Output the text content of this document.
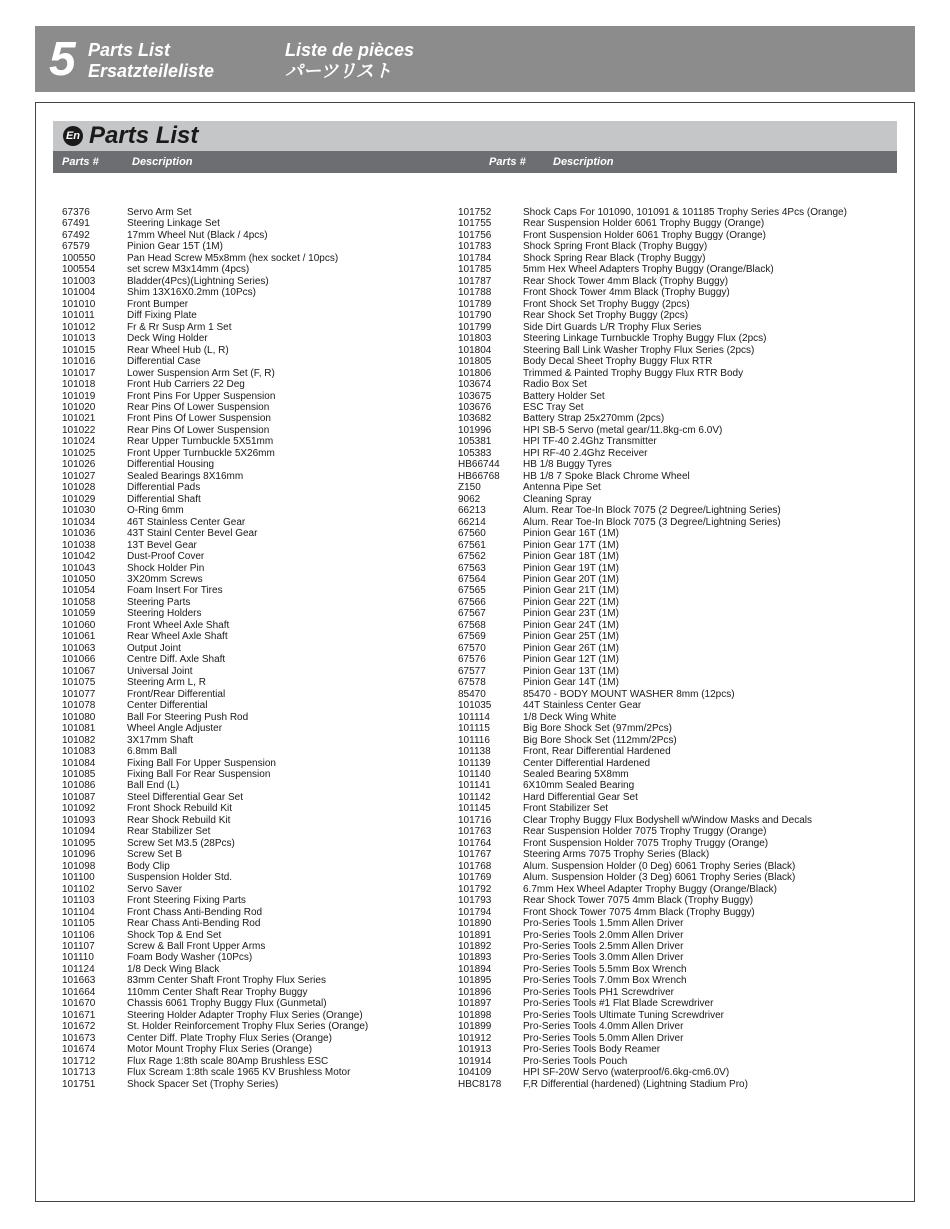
5 Parts List
Ersatzteileliste
Liste de pièces
パーツリスト
En Parts List
Parts #	Description	Parts # Description
67376	Servo Arm Set
67491	Steering Linkage Set
67492	17mm Wheel Nut (Black / 4pcs)
67579	Pinion Gear 15T (1M)
100550	Pan Head Screw M5x8mm (hex socket / 10pcs)
100554	set screw M3x14mm (4pcs)
101003	Bladder(4Pcs)(Lightning Series)
101004	Shim 13X16X0.2mm (10Pcs)
101010	Front Bumper
101011	Diff Fixing Plate
101012	Fr & Rr Susp Arm 1 Set
101013	Deck Wing Holder
101015	Rear Wheel Hub (L, R)
101016	Differential Case
101017	Lower Suspension Arm Set (F, R)
101018	Front Hub Carriers 22 Deg
101019	Front Pins For Upper Suspension
101020	Rear Pins Of Lower Suspension
101021	Front Pins Of Lower Suspension
101022	Rear Pins Of Lower Suspension
101024	Rear Upper Turnbuckle 5X51mm
101025	Front Upper Turnbuckle 5X26mm
101026	Differential Housing
101027	Sealed Bearings 8X16mm
101028	Differential Pads
101029	Differential Shaft
101030	O-Ring 6mm
101034	46T Stainless Center Gear
101036	43T Stainl Center Bevel Gear
101038	13T Bevel Gear
101042	Dust-Proof Cover
101043	Shock Holder Pin
101050	3X20mm Screws
101054	Foam Insert For Tires
101058	Steering Parts
101059	Steering Holders
101060	Front Wheel Axle Shaft
101061	Rear Wheel Axle Shaft
101063	Output Joint
101066	Centre Diff. Axle Shaft
101067	Universal Joint
101075	Steering Arm L, R
101077	Front/Rear Differential
101078	Center Differential
101080	Ball For Steering Push Rod
101081	Wheel Angle Adjuster
101082	3X17mm Shaft
101083	6.8mm Ball
101084	Fixing Ball For Upper Suspension
101085	Fixing Ball For Rear Suspension
101086	Ball End (L)
101087	Steel Differential Gear Set
101092	Front Shock Rebuild Kit
101093	Rear Shock Rebuild Kit
101094	Rear Stabilizer Set
101095	Screw Set M3.5 (28Pcs)
101096	Screw Set B
101098	Body Clip
101100	Suspension Holder Std.
101102	Servo Saver
101103	Front Steering Fixing Parts
101104	Front Chass Anti-Bending Rod
101105	Rear Chass Anti-Bending Rod
101106	Shock Top & End Set
101107	Screw & Ball Front Upper Arms
101110	Foam Body Washer (10Pcs)
101124	1/8 Deck Wing Black
101663	83mm Center Shaft Front Trophy Flux Series
101664	110mm Center Shaft Rear Trophy Buggy
101670	Chassis 6061 Trophy Buggy Flux (Gunmetal)
101671	Steering Holder Adapter Trophy Flux Series (Orange)
101672	St. Holder Reinforcement Trophy Flux Series (Orange)
101673	Center Diff. Plate Trophy Flux Series (Orange)
101674	Motor Mount Trophy Flux Series (Orange)
101712	Flux Rage 1:8th scale 80Amp Brushless ESC
101713	Flux Scream 1:8th scale 1965 KV Brushless Motor
101751	Shock Spacer Set (Trophy Series)
101752	Shock Caps For 101090, 101091 & 101185 Trophy Series 4Pcs (Orange)
101755	Rear Suspension Holder 6061 Trophy Buggy (Orange)
101756	Front Suspension Holder 6061 Trophy Buggy (Orange)
101783	Shock Spring Front Black (Trophy Buggy)
101784	Shock Spring Rear Black (Trophy Buggy)
101785	5mm Hex Wheel Adapters Trophy Buggy (Orange/Black)
101787	Rear Shock Tower 4mm Black (Trophy Buggy)
101788	Front Shock Tower 4mm Black (Trophy Buggy)
101789	Front Shock Set Trophy Buggy (2pcs)
101790	Rear Shock Set Trophy Buggy (2pcs)
101799	Side Dirt Guards L/R Trophy Flux Series
101803	Steering Linkage Turnbuckle Trophy Buggy Flux (2pcs)
101804	Steering Ball Link Washer Trophy Flux Series (2pcs)
101805	Body Decal Sheet Trophy Buggy Flux RTR
101806	Trimmed & Painted Trophy Buggy Flux RTR Body
103674	Radio Box Set
103675	Battery Holder Set
103676	ESC Tray Set
103682	Battery Strap 25x270mm (2pcs)
101996	HPI SB-5 Servo (metal gear/11.8kg-cm 6.0V)
105381	HPI TF-40 2.4Ghz Transmitter
105383	HPI RF-40 2.4Ghz Receiver
HB66744 HB 1/8 Buggy Tyres
HB66768 HB 1/8 7 Spoke Black Chrome Wheel
Z150	Antenna Pipe Set
9062	Cleaning Spray
66213	Alum. Rear Toe-In Block 7075 (2 Degree/Lightning Series)
66214	Alum. Rear Toe-In Block 7075 (3 Degree/Lightning Series)
67560	Pinion Gear 16T (1M)
67561	Pinion Gear 17T (1M)
67562	Pinion Gear 18T (1M)
67563	Pinion Gear 19T (1M)
67564	Pinion Gear 20T (1M)
67565	Pinion Gear 21T (1M)
67566	Pinion Gear 22T (1M)
67567	Pinion Gear 23T (1M)
67568	Pinion Gear 24T (1M)
67569	Pinion Gear 25T (1M)
67570	Pinion Gear 26T (1M)
67576	Pinion Gear 12T (1M)
67577	Pinion Gear 13T (1M)
67578	Pinion Gear 14T (1M)
85470	85470 - BODY MOUNT WASHER 8mm (12pcs)
101035	44T Stainless Center Gear
101114	1/8 Deck Wing White
101115	Big Bore Shock Set (97mm/2Pcs)
101116	Big Bore Shock Set (112mm/2Pcs)
101138	Front, Rear Differential Hardened
101139	Center Differential Hardened
101140	Sealed Bearing 5X8mm
101141	6X10mm Sealed Bearing
101142	Hard Differential Gear Set
101145	Front Stabilizer Set
101716	Clear Trophy Buggy Flux Bodyshell w/Window Masks and Decals
101763	Rear Suspension Holder 7075 Trophy Truggy (Orange)
101764	Front Suspension Holder 7075 Trophy Truggy (Orange)
101767	Steering Arms 7075 Trophy Series (Black)
101768	Alum. Suspension Holder (0 Deg) 6061 Trophy Series (Black)
101769	Alum. Suspension Holder (3 Deg) 6061 Trophy Series (Black)
101792	6.7mm Hex Wheel Adapter Trophy Buggy (Orange/Black)
101793	Rear Shock Tower 7075 4mm Black (Trophy Buggy)
101794	Front Shock Tower 7075 4mm Black (Trophy Buggy)
101890	Pro-Series Tools 1.5mm Allen Driver
101891	Pro-Series Tools 2.0mm Allen Driver
101892	Pro-Series Tools 2.5mm Allen Driver
101893	Pro-Series Tools 3.0mm Allen Driver
101894	Pro-Series Tools 5.5mm Box Wrench
101895	Pro-Series Tools 7.0mm Box Wrench
101896	Pro-Series Tools PH1 Screwdriver
101897	Pro-Series Tools #1 Flat Blade Screwdriver
101898	Pro-Series Tools Ultimate Tuning Screwdriver
101899	Pro-Series Tools 4.0mm Allen Driver
101912	Pro-Series Tools 5.0mm Allen Driver
101913	Pro-Series Tools Body Reamer
101914	Pro-Series Tools Pouch
104109	HPI SF-20W Servo (waterproof/6.6kg-cm6.0V)
HBC8178 F,R Differential (hardened) (Lightning Stadium Pro)
